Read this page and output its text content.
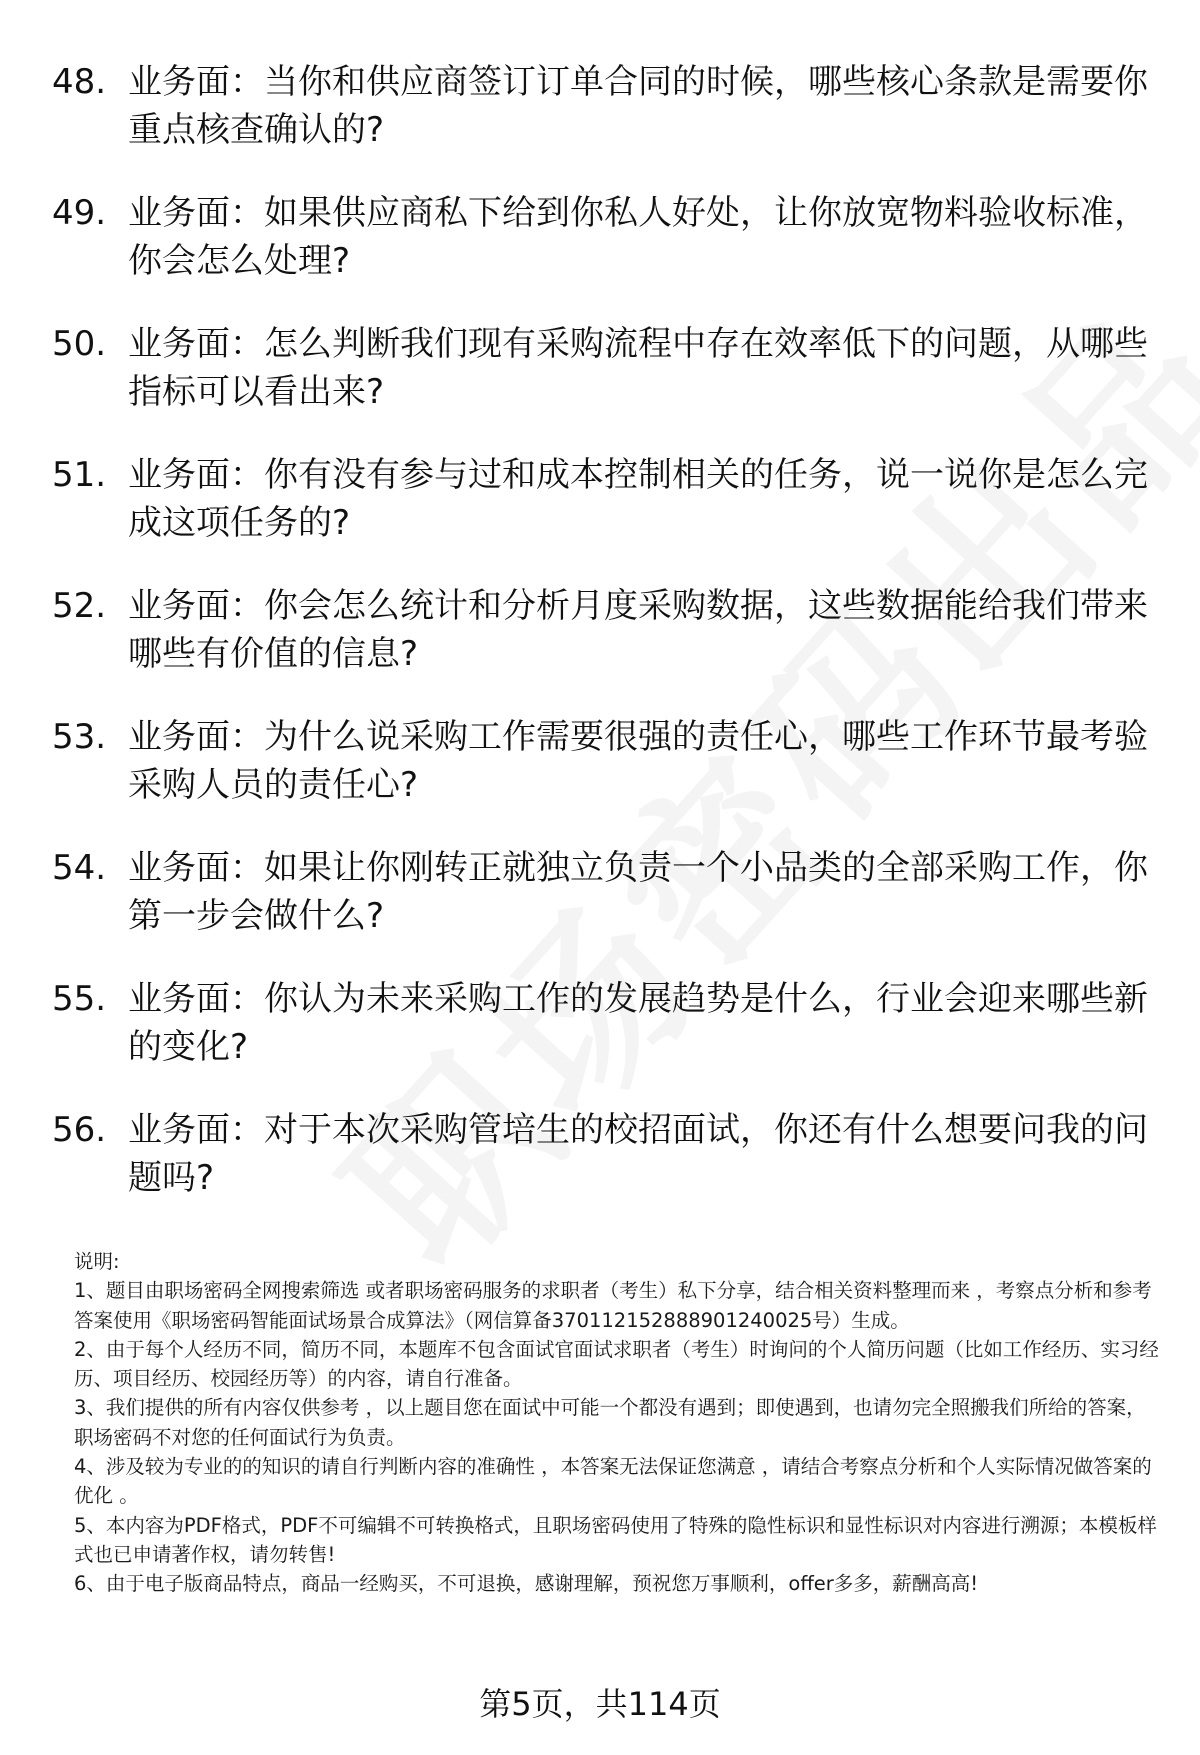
48. 业务面：当你和供应商签订订单合同的时候，哪些核心条款是需要你重点核查确认的?
49. 业务面：如果供应商私下给到你私人好处，让你放宽物料验收标准，你会怎么处理?
50. 业务面：怎么判断我们现有采购流程中存在效率低下的问题，从哪些指标可以看出来?
51. 业务面：你有没有参与过和成本控制相关的任务，说一说你是怎么完成这项任务的?
52. 业务面：你会怎么统计和分析月度采购数据，这些数据能给我们带来哪些有价值的信息?
53. 业务面：为什么说采购工作需要很强的责任心，哪些工作环节最考验采购人员的责任心?
54. 业务面：如果让你刚转正就独立负责一个小品类的全部采购工作，你第一步会做什么?
55. 业务面：你认为未来采购工作的发展趋势是什么，行业会迎来哪些新的变化?
56. 业务面：对于本次采购管培生的校招面试，你还有什么想要问我的问题吗?

说明:

1、题目由职场密码全网搜索筛选 或者职场密码服务的求职者（考生）私下分享，结合相关资料整理而来 ，考察点分析和参考答案使用《职场密码智能面试场景合成算法》（网信算备370112152888901240025号）生成。

2、由于每个人经历不同，简历不同，本题库不包含面试官面试求职者（考生）时询问的个人简历问题（比如工作经历、实习经历、项目经历、校园经历等）的内容，请自行准备。

3、我们提供的所有内容仅供参考 ，以上题目您在面试中可能一个都没有遇到；即使遇到，也请勿完全照搬我们所给的答案，职场密码不对您的任何面试行为负责。

4、涉及较为专业的的知识的请自行判断内容的准确性 ，本答案无法保证您满意 ，请结合考察点分析和个人实际情况做答案的优化 。

5、本内容为PDF格式，PDF不可编辑不可转换格式，且职场密码使用了特殊的隐性标识和显性标识对内容进行溯源；本模板样式也已申请著作权，请勿转售!

6、由于电子版商品特点，商品一经购买，不可退换，感谢理解，预祝您万事顺利，offer多多，薪酬高高!

第5页，共114页
